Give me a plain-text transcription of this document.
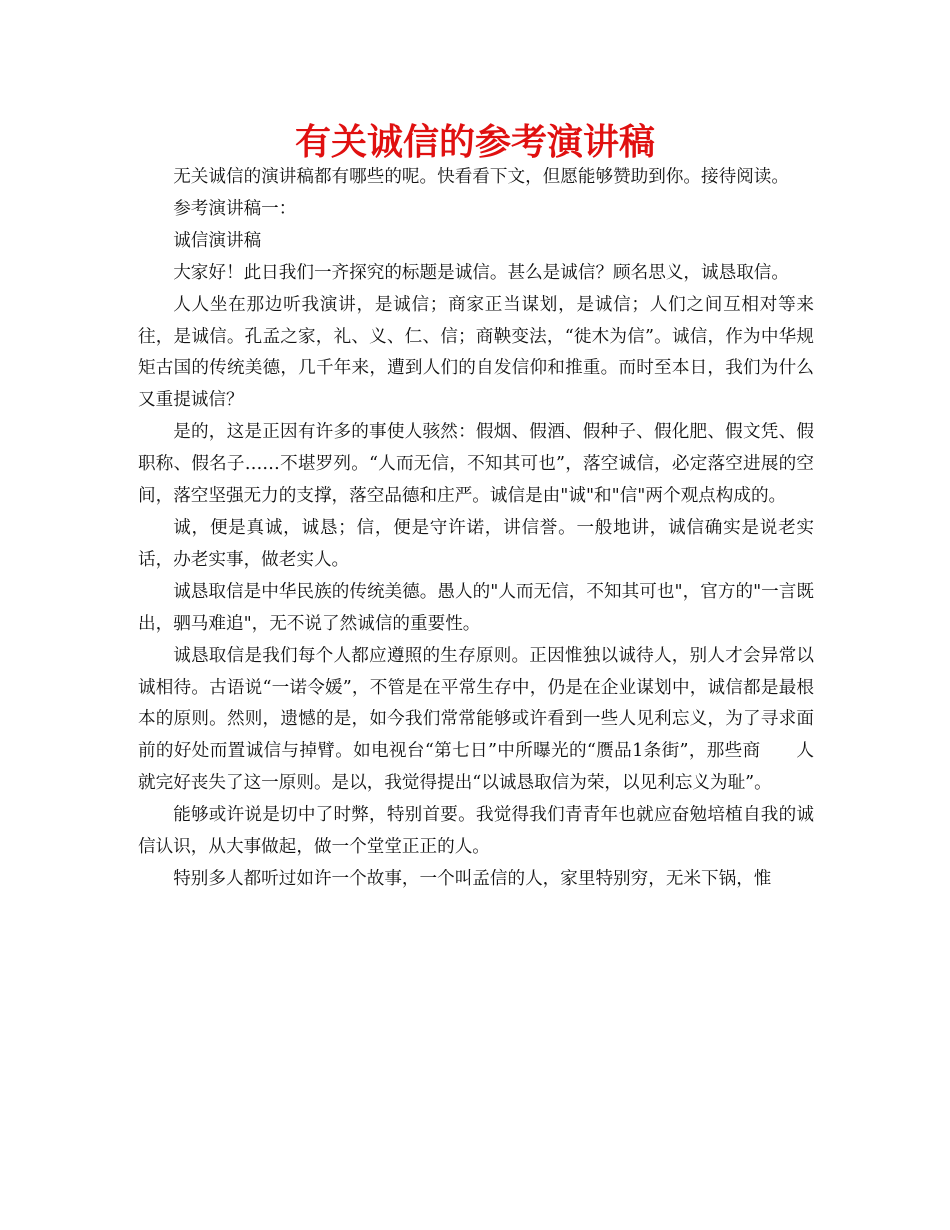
有关诚信的参考演讲稿

无关诚信的演讲稿都有哪些的呢。快看看下文，但愿能够赞助到你。接待阅读。

参考演讲稿一：

诚信演讲稿

大家好！此日我们一齐探究的标题是诚信。甚么是诚信？顾名思义，诚恳取信。

人人坐在那边听我演讲，是诚信；商家正当谋划，是诚信；人们之间互相对等来往，是诚信。孔孟之家，礼、义、仁、信；商鞅变法，“徙木为信”。诚信，作为中华规矩古国的传统美德，几千年来，遭到人们的自发信仰和推重。而时至本日，我们为什么又重提诚信？

是的，这是正因有许多的事使人骇然：假烟、假酒、假种子、假化肥、假文凭、假职称、假名子……不堪罗列。“人而无信，不知其可也”，落空诚信，必定落空进展的空间，落空坚强无力的支撑，落空品德和庄严。诚信是由"诚"和"信"两个观点构成的。

诚，便是真诚，诚恳；信，便是守许诺，讲信誉。一般地讲，诚信确实是说老实话，办老实事，做老实人。

诚恳取信是中华民族的传统美德。愚人的"人而无信，不知其可也"，官方的"一言既出，驷马难追"，无不说了然诚信的重要性。

诚恳取信是我们每个人都应遵照的生存原则。正因惟独以诚待人，别人才会异常以诚相待。古语说“一诺令媛”，不管是在平常生存中，仍是在企业谋划中，诚信都是最根本的原则。然则，遗憾的是，如今我们常常能够或许看到一些人见利忘义，为了寻求面前的好处而置诚信与掉臂。如电视台“第七日”中所曝光的“赝品1条街”，那些商　　人就完好丧失了这一原则。是以，我觉得提出“以诚恳取信为荣，以见利忘义为耻”。

能够或许说是切中了时弊，特别首要。我觉得我们青青年也就应奋勉培植自我的诚信认识，从大事做起，做一个堂堂正正的人。

特别多人都听过如许一个故事，一个叫孟信的人，家里特别穷，无米下锅，惟
